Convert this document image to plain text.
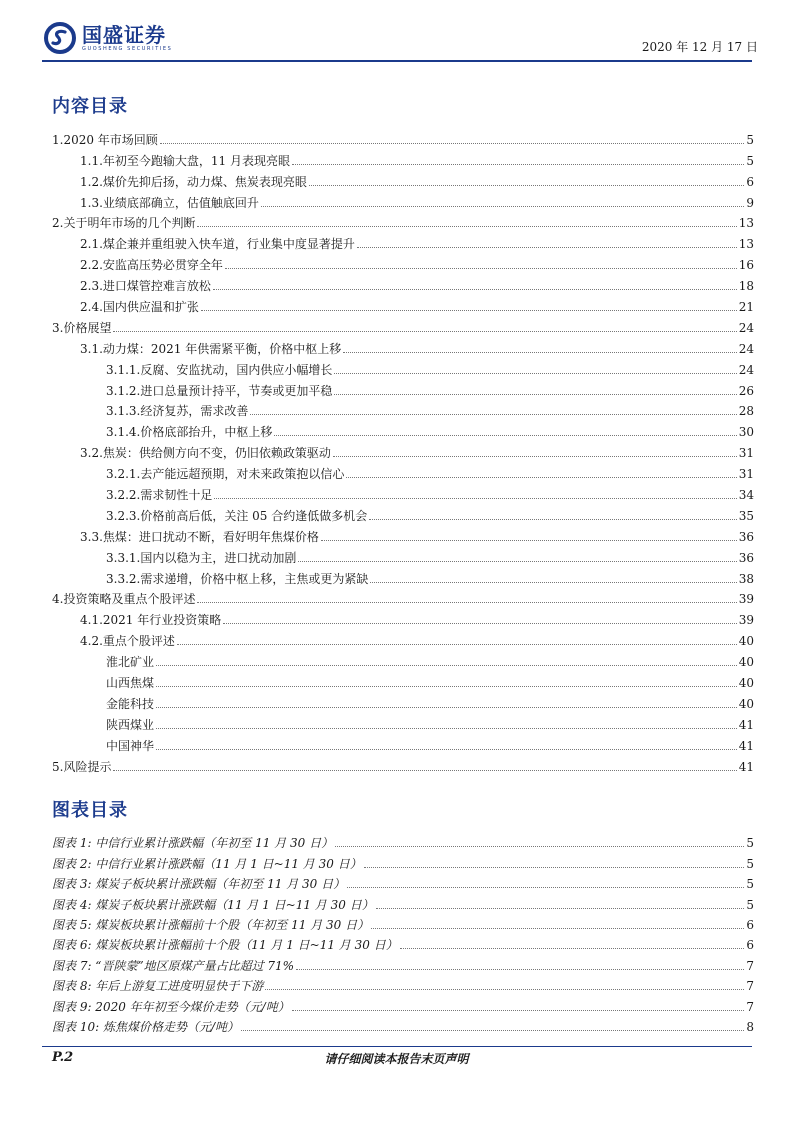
国盛证券
GUOSHENG SECURITIES	2020 年 12 月 17 日
内容目录
1.2020 年市场回顾	5
1.1.年初至今跑输大盘，11 月表现亮眼	5
1.2.煤价先抑后扬，动力煤、焦炭表现亮眼	6
1.3.业绩底部确立，估值触底回升	9
2.关于明年市场的几个判断	13
2.1.煤企兼并重组驶入快车道，行业集中度显著提升	13
2.2.安监高压势必贯穿全年	16
2.3.进口煤管控难言放松	18
2.4.国内供应温和扩张	21
3.价格展望	24
3.1.动力煤：2021 年供需紧平衡，价格中枢上移	24
3.1.1.反腐、安监扰动，国内供应小幅增长	24
3.1.2.进口总量预计持平，节奏或更加平稳	26
3.1.3.经济复苏，需求改善	28
3.1.4.价格底部抬升，中枢上移	30
3.2.焦炭：供给侧方向不变，仍旧依赖政策驱动	31
3.2.1.去产能远超预期，对未来政策抱以信心	31
3.2.2.需求韧性十足	34
3.2.3.价格前高后低，关注 05 合约逢低做多机会	35
3.3.焦煤：进口扰动不断，看好明年焦煤价格	36
3.3.1.国内以稳为主，进口扰动加剧	36
3.3.2.需求递增，价格中枢上移，主焦或更为紧缺	38
4.投资策略及重点个股评述	39
4.1.2021 年行业投资策略	39
4.2.重点个股评述	40
淮北矿业	40
山西焦煤	40
金能科技	40
陕西煤业	41
中国神华	41
5.风险提示	41
图表目录
图表 1: 中信行业累计涨跌幅（年初至 11 月 30 日）	5
图表 2: 中信行业累计涨跌幅（11 月 1 日~11 月 30 日）	5
图表 3: 煤炭子板块累计涨跌幅（年初至 11 月 30 日）	5
图表 4: 煤炭子板块累计涨跌幅（11 月 1 日~11 月 30 日）	5
图表 5: 煤炭板块累计涨幅前十个股（年初至 11 月 30 日）	6
图表 6: 煤炭板块累计涨幅前十个股（11 月 1 日~11 月 30 日）	6
图表 7: “晋陕蒙”地区原煤产量占比超过 71%	7
图表 8: 年后上游复工进度明显快于下游	7
图表 9: 2020 年年初至今煤价走势（元/吨）	7
图表 10: 炼焦煤价格走势（元/吨）	8
P.2	请仔细阅读本报告末页声明
